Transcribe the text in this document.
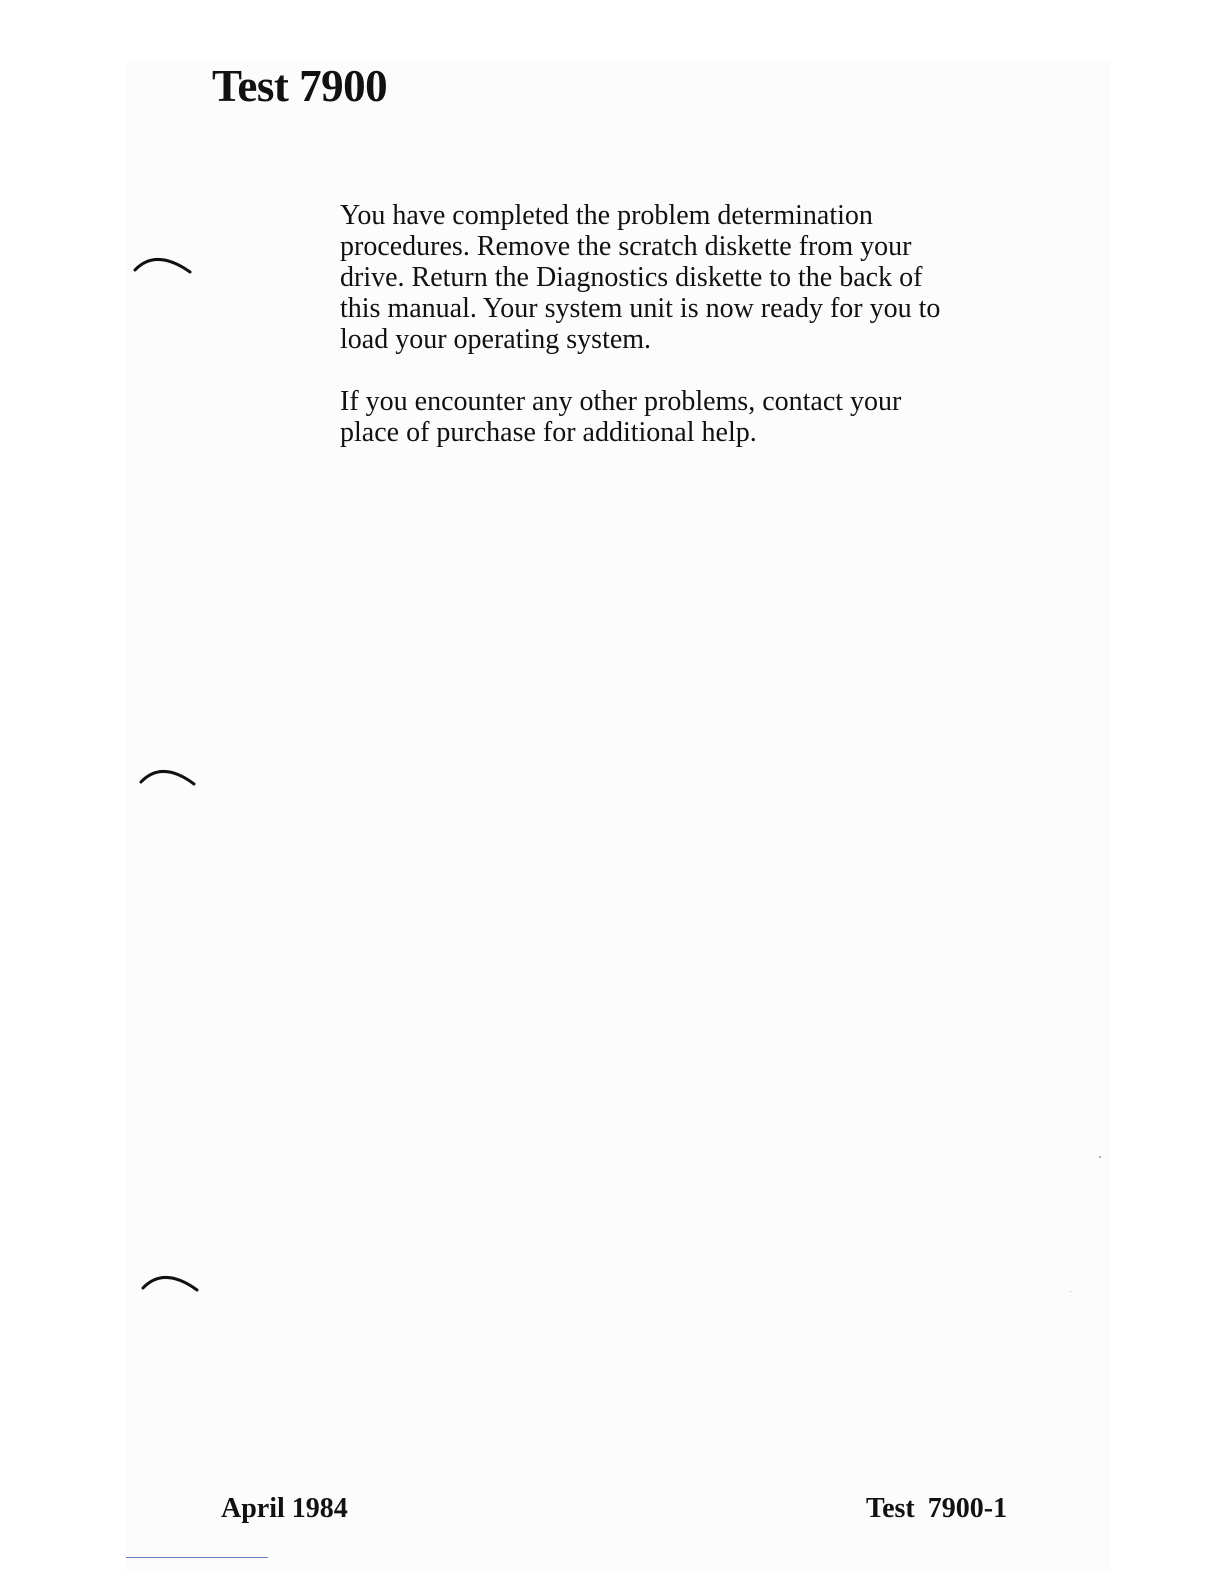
Test 7900

You have completed the problem determination
procedures. Remove the scratch diskette from your
drive. Return the Diagnostics diskette to the back of
this manual. Your system unit is now ready for you to
load your operating system.

If you encounter any other problems, contact your
place of purchase for additional help.

April 1984	Test 7900-1
